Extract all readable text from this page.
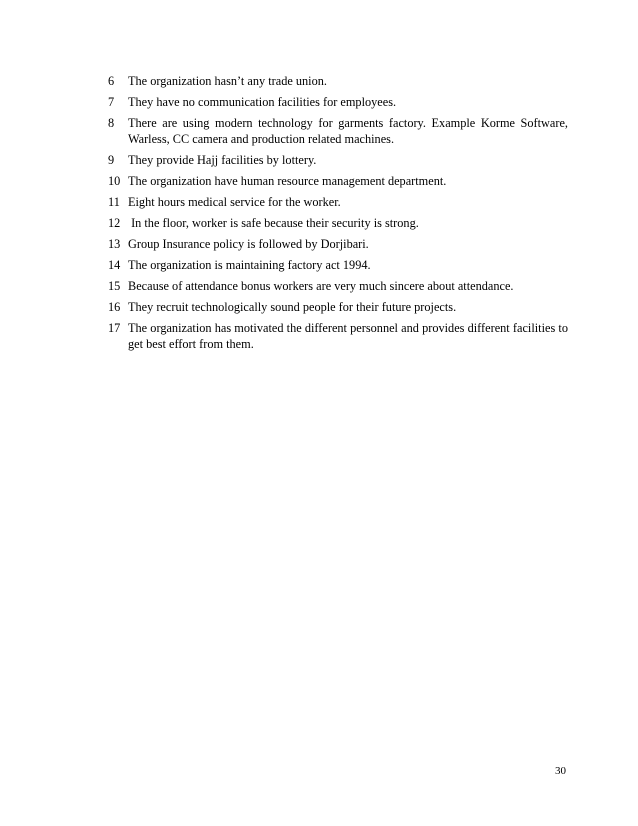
6	The organization hasn’t any trade union.
7	They have no communication facilities for employees.
8	There are using modern technology for garments factory. Example Korme Software, Warless, CC camera and production related machines.
9	They provide Hajj facilities by lottery.
10 The organization have human resource management department.
11 Eight hours medical service for the worker.
12 In the floor, worker is safe because their security is strong.
13 Group Insurance policy is followed by Dorjibari.
14 The organization is maintaining factory act 1994.
15 Because of attendance bonus workers are very much sincere about attendance.
16 They recruit technologically sound people for their future projects.
17 The organization has motivated the different personnel and provides different facilities to get best effort from them.
30
